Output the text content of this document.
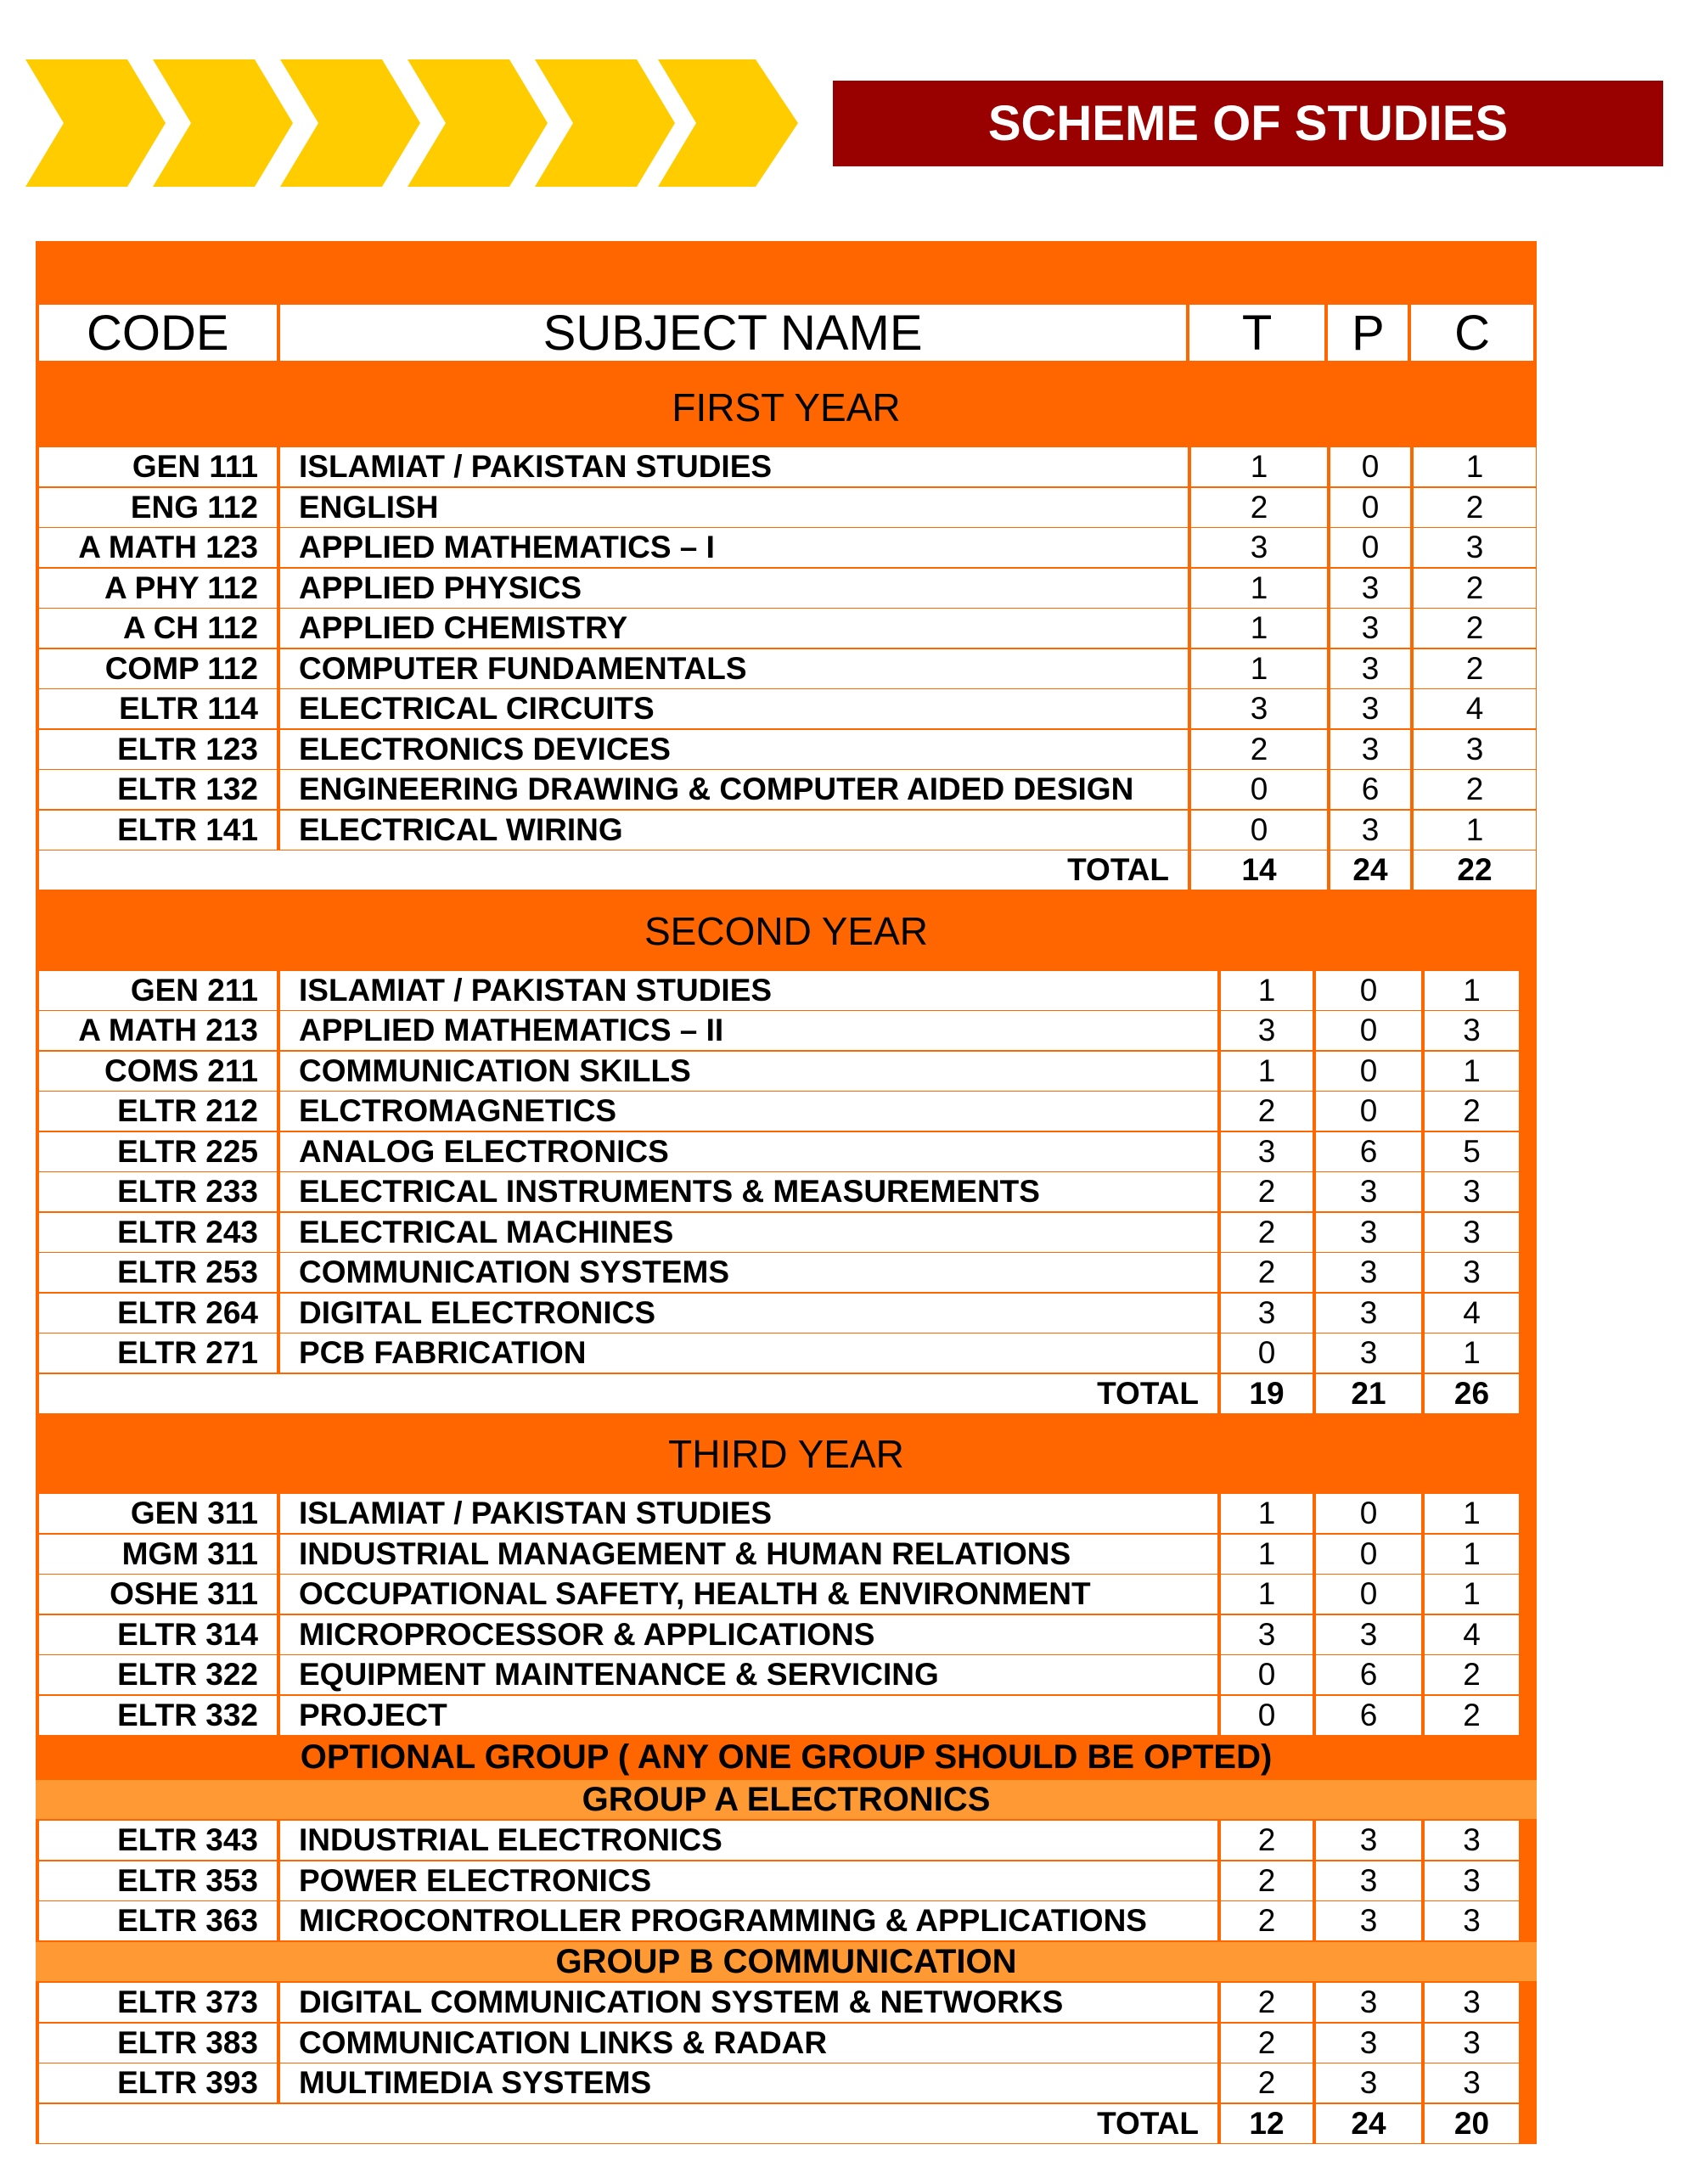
SCHEME OF STUDIES
CODE	SUBJECT NAME	T	P	C
FIRST YEAR
GEN 111	ISLAMIAT / PAKISTAN STUDIES	1	0	1
ENG 112	ENGLISH	2	0	2
A MATH 123	APPLIED MATHEMATICS – I	3	0	3
A PHY 112	APPLIED PHYSICS	1	3	2
A CH 112	APPLIED CHEMISTRY	1	3	2
COMP 112	COMPUTER FUNDAMENTALS	1	3	2
ELTR 114	ELECTRICAL CIRCUITS	3	3	4
ELTR 123	ELECTRONICS DEVICES	2	3	3
ELTR 132	ENGINEERING DRAWING & COMPUTER AIDED DESIGN	0	6	2
ELTR 141	ELECTRICAL WIRING	0	3	1
TOTAL	14	24	22
SECOND YEAR
GEN 211	ISLAMIAT / PAKISTAN STUDIES	1	0	1
A MATH 213	APPLIED MATHEMATICS – II	3	0	3
COMS 211	COMMUNICATION SKILLS	1	0	1
ELTR 212	ELCTROMAGNETICS	2	0	2
ELTR 225	ANALOG ELECTRONICS	3	6	5
ELTR 233	ELECTRICAL INSTRUMENTS & MEASUREMENTS	2	3	3
ELTR 243	ELECTRICAL MACHINES	2	3	3
ELTR 253	COMMUNICATION SYSTEMS	2	3	3
ELTR 264	DIGITAL ELECTRONICS	3	3	4
ELTR 271	PCB FABRICATION	0	3	1
TOTAL	19	21	26
THIRD YEAR
GEN 311	ISLAMIAT / PAKISTAN STUDIES	1	0	1
MGM 311	INDUSTRIAL MANAGEMENT & HUMAN RELATIONS	1	0	1
OSHE 311	OCCUPATIONAL SAFETY, HEALTH & ENVIRONMENT	1	0	1
ELTR 314	MICROPROCESSOR & APPLICATIONS	3	3	4
ELTR 322	EQUIPMENT MAINTENANCE & SERVICING	0	6	2
ELTR 332	PROJECT	0	6	2
OPTIONAL GROUP ( ANY ONE GROUP SHOULD BE OPTED)
GROUP A ELECTRONICS
ELTR 343	INDUSTRIAL ELECTRONICS	2	3	3
ELTR 353	POWER ELECTRONICS	2	3	3
ELTR 363	MICROCONTROLLER PROGRAMMING & APPLICATIONS	2	3	3
GROUP B COMMUNICATION
ELTR 373	DIGITAL COMMUNICATION SYSTEM & NETWORKS	2	3	3
ELTR 383	COMMUNICATION LINKS & RADAR	2	3	3
ELTR 393	MULTIMEDIA SYSTEMS	2	3	3
TOTAL	12	24	20
